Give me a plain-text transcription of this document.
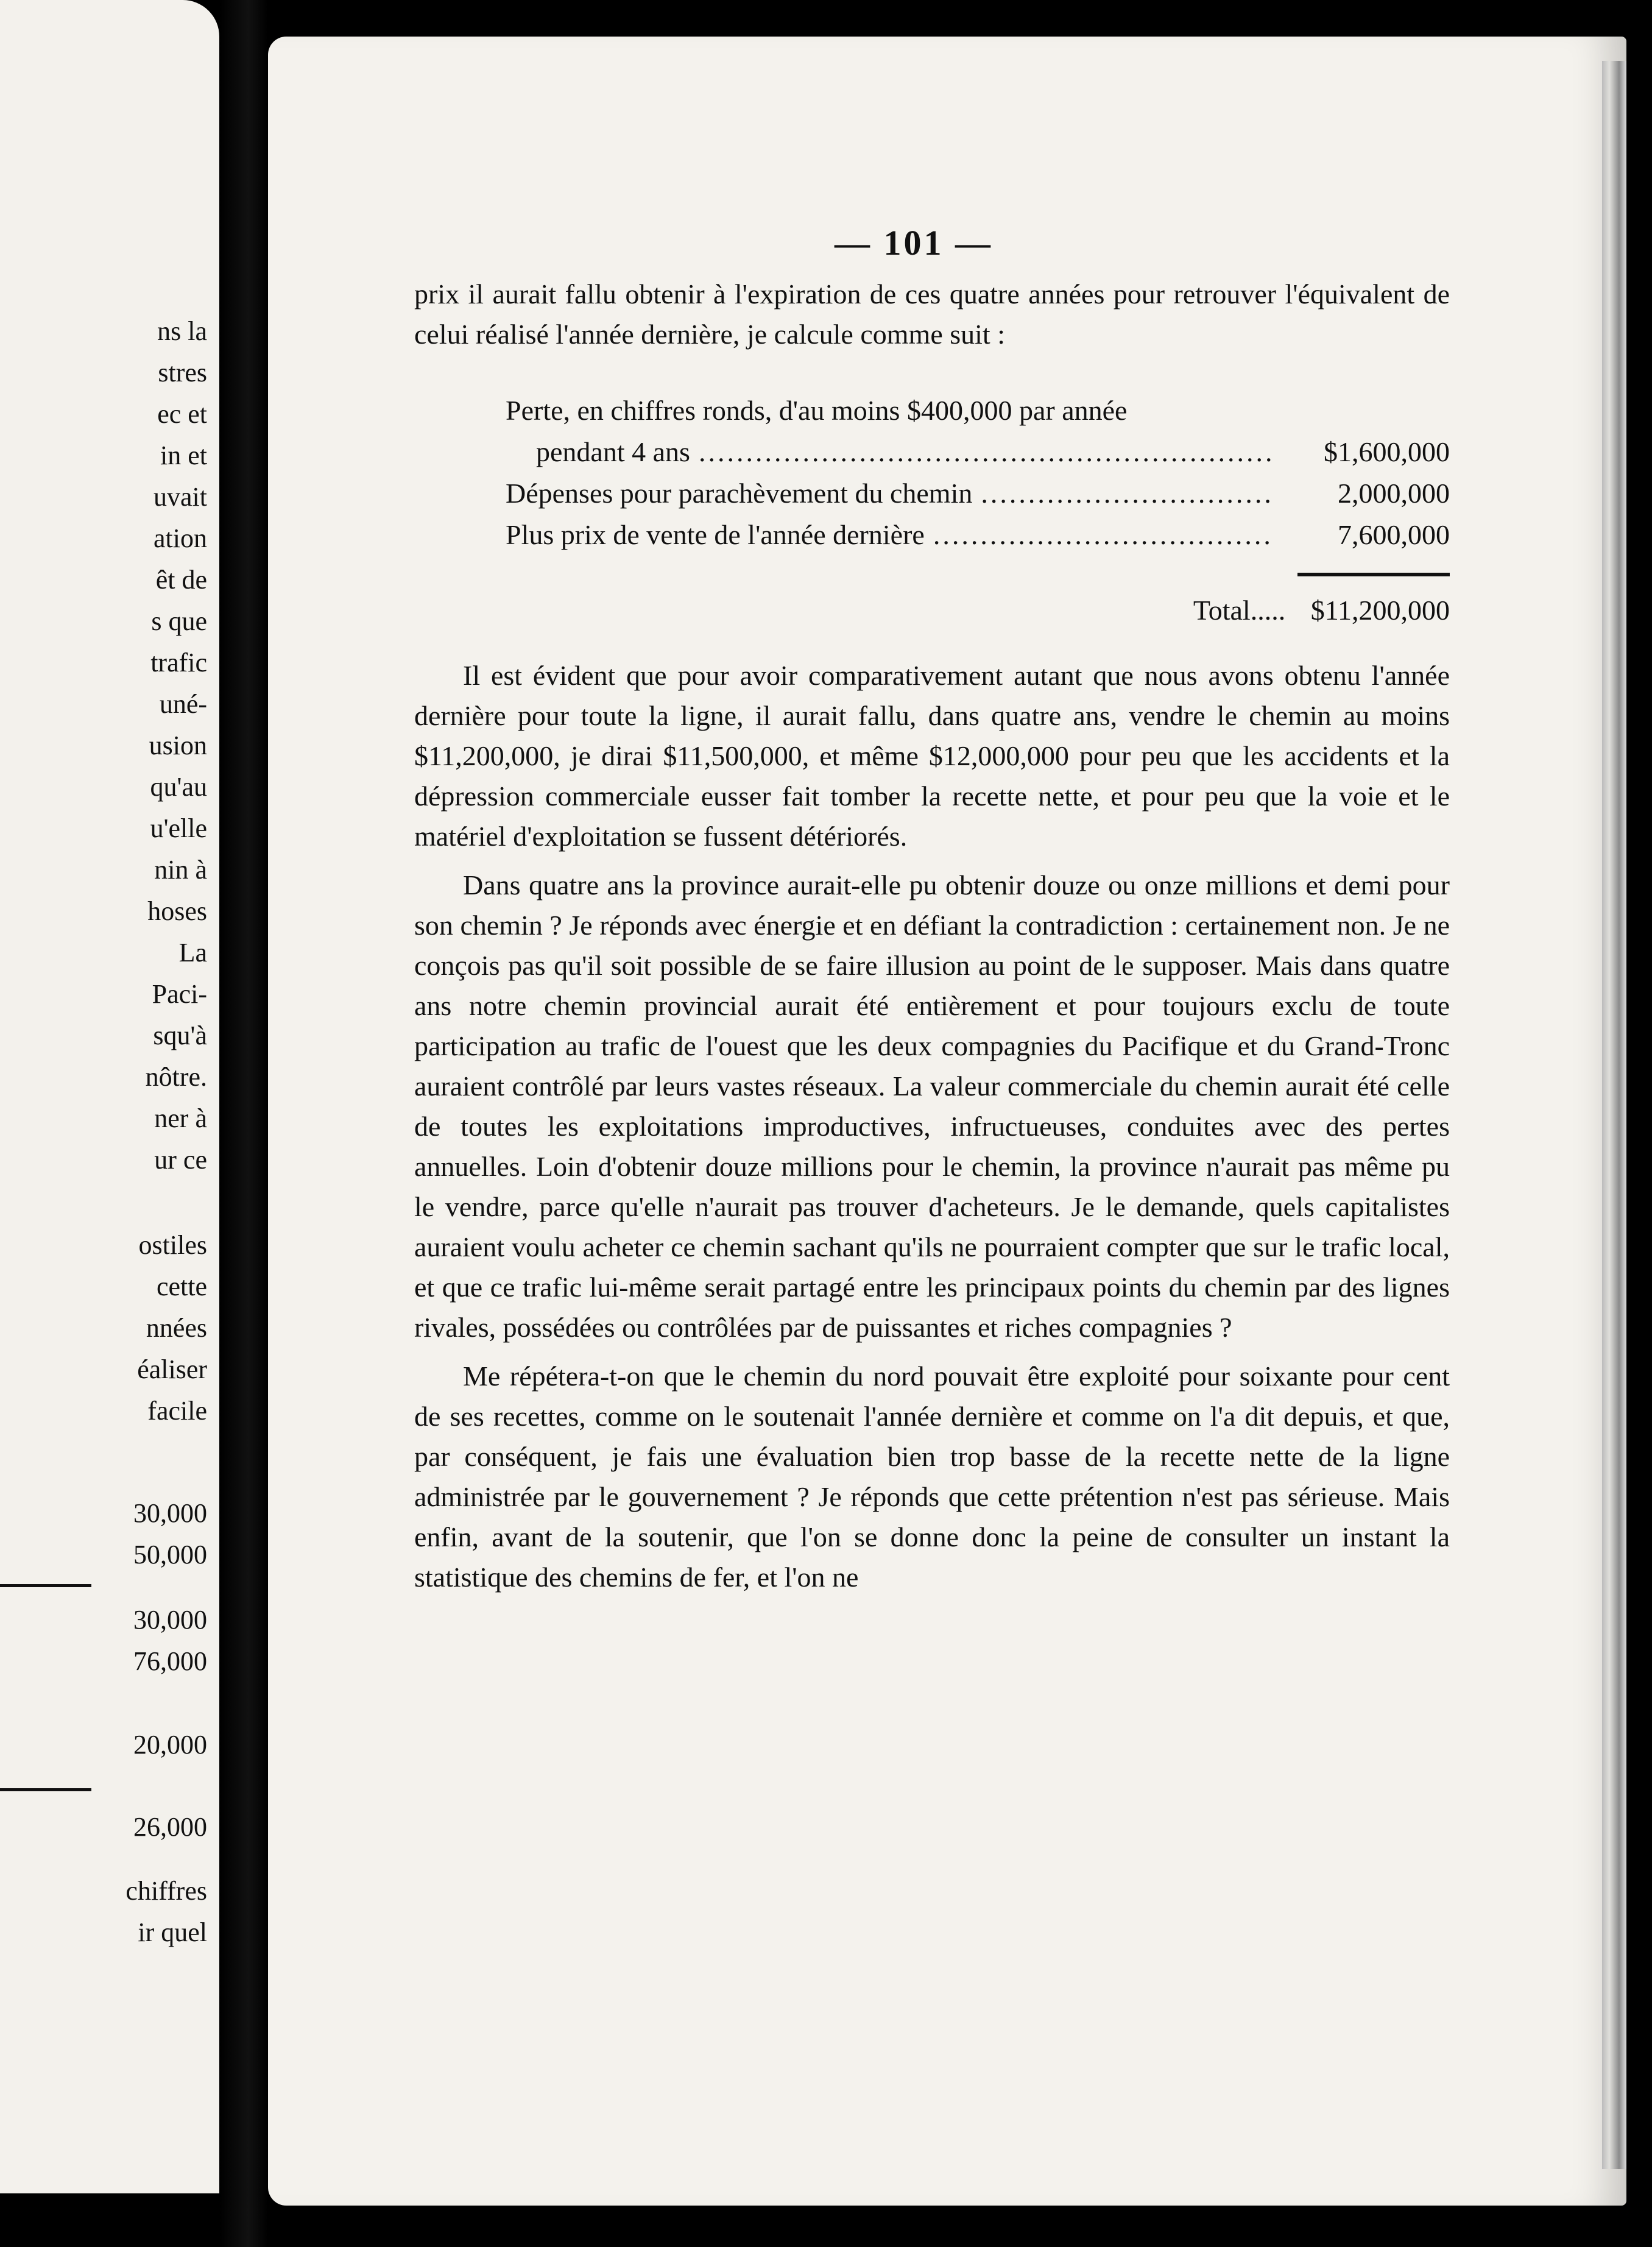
ns la
stres
ec et
in et
uvait
ation
êt de
s que
trafic
uné-
usion
qu'au
u'elle
nin à
hoses
La
Paci-
squ'à
nôtre.
ner à
ur ce
ostiles
cette
nnées
éaliser
facile
30,000
50,000
30,000
76,000
20,000
26,000
chiffres
ir quel
— 101 —

prix il aurait fallu obtenir à l'expiration de ces quatre années pour retrouver l'équivalent de celui réalisé l'année dernière, je calcule comme suit :

Perte, en chiffres ronds, d'au moins $400,000 par année
pendant 4 ans .....	$1,600,000
Dépenses pour parachèvement du chemin .....	2,000,000
Plus prix de vente de l'année dernière .....	7,600,000
Total..... $11,200,000

Il est évident que pour avoir comparativement autant que nous avons obtenu l'année dernière pour toute la ligne, il aurait fallu, dans quatre ans, vendre le chemin au moins $11,200,000, je dirai $11,500,000, et même $12,000,000 pour peu que les accidents et la dépression commerciale eusser fait tomber la recette nette, et pour peu que la voie et le matériel d'exploitation se fussent détériorés.

Dans quatre ans la province aurait-elle pu obtenir douze ou onze millions et demi pour son chemin ? Je réponds avec énergie et en défiant la contradiction : certainement non. Je ne conçois pas qu'il soit possible de se faire illusion au point de le supposer. Mais dans quatre ans notre chemin provincial aurait été entièrement et pour toujours exclu de toute participation au trafic de l'ouest que les deux compagnies du Pacifique et du Grand-Tronc auraient contrôlé par leurs vastes réseaux. La valeur commerciale du chemin aurait été celle de toutes les exploitations improductives, infructueuses, conduites avec des pertes annuelles. Loin d'obtenir douze millions pour le chemin, la province n'aurait pas même pu le vendre, parce qu'elle n'aurait pas trouver d'acheteurs. Je le demande, quels capitalistes auraient voulu acheter ce chemin sachant qu'ils ne pourraient compter que sur le trafic local, et que ce trafic lui-même serait partagé entre les principaux points du chemin par des lignes rivales, possédées ou contrôlées par de puissantes et riches compagnies ?

Me répétera-t-on que le chemin du nord pouvait être exploité pour soixante pour cent de ses recettes, comme on le soutenait l'année dernière et comme on l'a dit depuis, et que, par conséquent, je fais une évaluation bien trop basse de la recette nette de la ligne administrée par le gouvernement ? Je réponds que cette prétention n'est pas sérieuse. Mais enfin, avant de la soutenir, que l'on se donne donc la peine de consulter un instant la statistique des chemins de fer, et l'on ne
